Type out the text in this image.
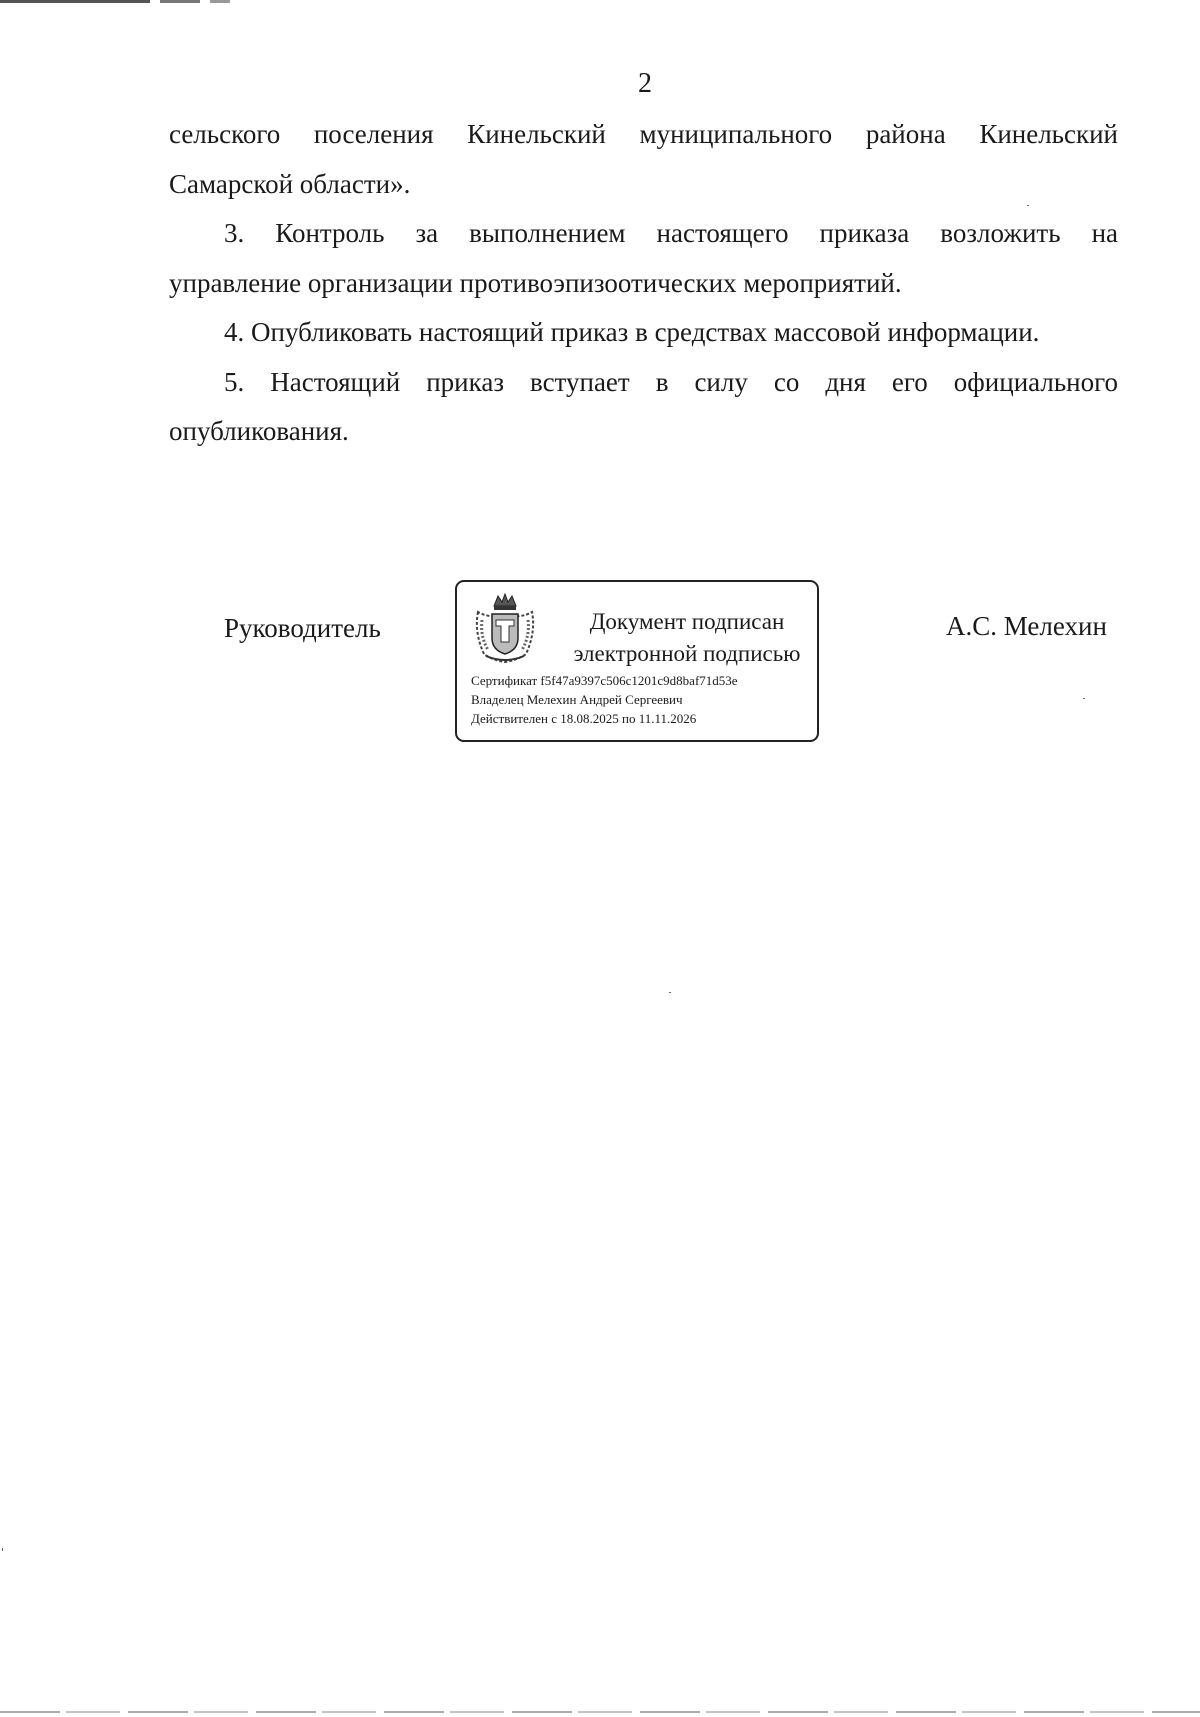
2

сельского поселения Кинельский муниципального района Кинельский
Самарской области».

3. Контроль за выполнением настоящего приказа возложить на
управление организации противоэпизоотических мероприятий.

4. Опубликовать настоящий приказ в средствах массовой информации.

5. Настоящий приказ вступает в силу со дня его официального
опубликования.

Руководитель	Документ подписан
электронной подписью
Сертификат f5f47a9397c506c1201c9d8baf71d53e
Владелец Мелехин Андрей Сергеевич
Действителен с 18.08.2025 по 11.11.2026
А.С. Мелехин
